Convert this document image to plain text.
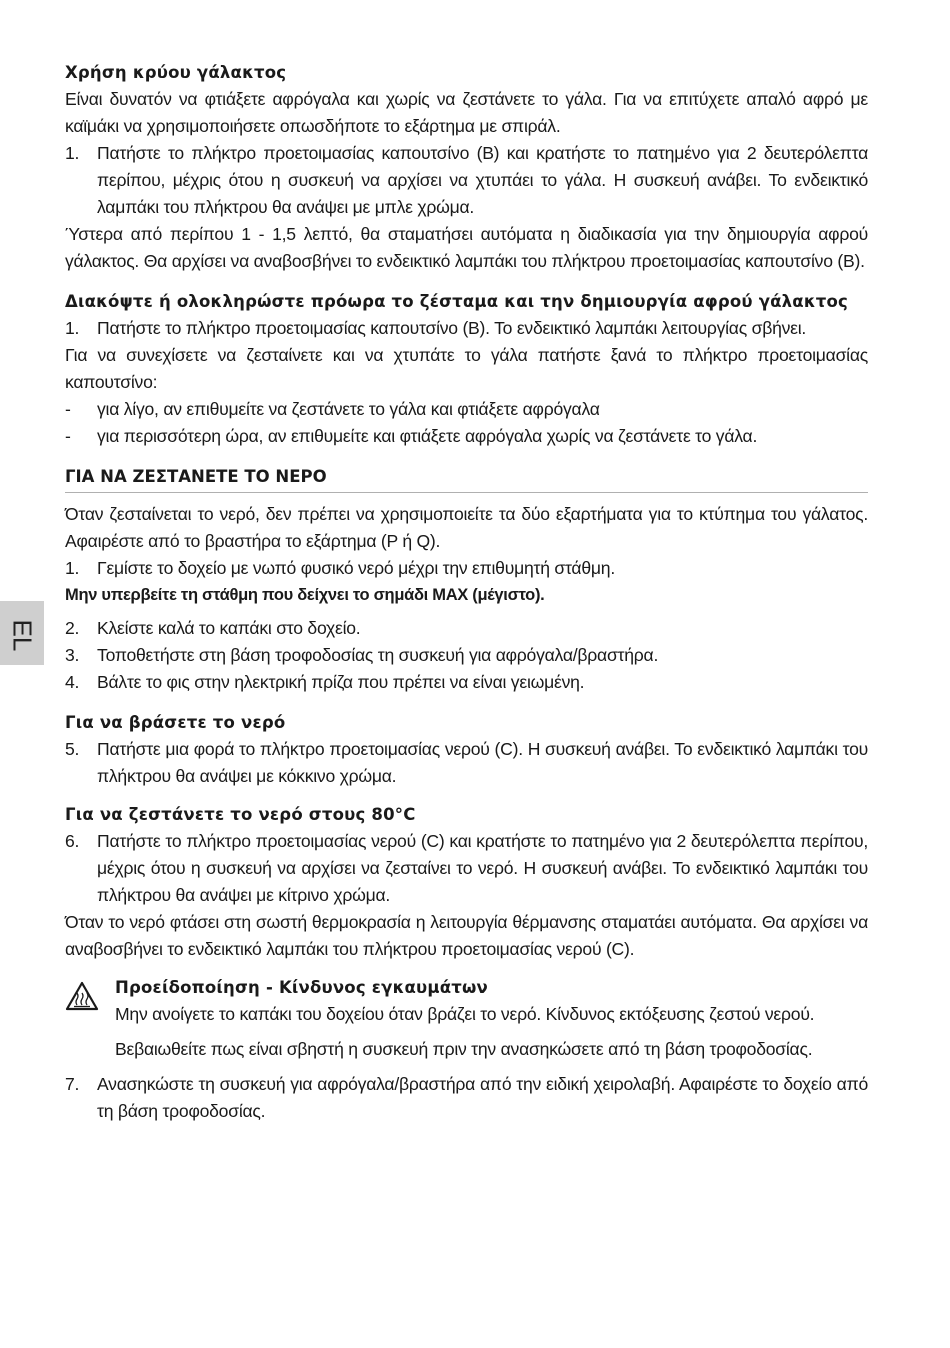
EL

Χρήση κρύου γάλακτος

Είναι δυνατόν να φτιάξετε αφρόγαλα και χωρίς να ζεστάνετε το γάλα. Για να επιτύχετε απαλό αφρό με καϊμάκι να χρησιμοποιήσετε οπωσδήποτε το εξάρτημα με σπιράλ.

1.	Πατήστε το πλήκτρο προετοιμασίας καπουτσίνο (B) και κρατήστε το πατημένο για 2 δευτερόλεπτα περίπου, μέχρις ότου η συσκευή να αρχίσει να χτυπάει το γάλα. Η συσκευή ανάβει. Το ενδεικτικό λαμπάκι του πλήκτρου θα ανάψει με μπλε χρώμα.

Ύστερα από περίπου 1 - 1,5 λεπτό, θα σταματήσει αυτόματα η διαδικασία για την δημιουργία αφρού γάλακτος. Θα αρχίσει να αναβοσβήνει το ενδεικτικό λαμπάκι του πλήκτρου προετοιμασίας καπουτσίνο (B).

Διακόψτε ή ολοκληρώστε πρόωρα το ζέσταμα και την δημιουργία αφρού γάλακτος

1.	Πατήστε το πλήκτρο προετοιμασίας καπουτσίνο (B). Το ενδεικτικό λαμπάκι λειτουργίας σβήνει.

Για να συνεχίσετε να ζεσταίνετε και να χτυπάτε το γάλα πατήστε ξανά το πλήκτρο προετοιμασίας καπουτσίνο:

-	για λίγο, αν επιθυμείτε να ζεστάνετε το γάλα και φτιάξετε αφρόγαλα
-	για περισσότερη ώρα, αν επιθυμείτε και φτιάξετε αφρόγαλα χωρίς να ζεστάνετε το γάλα.

ΓΙΑ ΝΑ ΖΕΣΤΑΝΕΤΕ ΤΟ ΝΕΡΟ

Όταν ζεσταίνεται το νερό, δεν πρέπει να χρησιμοποιείτε τα δύο εξαρτήματα για το κτύπημα του γάλατος. Αφαιρέστε από το βραστήρα το εξάρτημα (P ή Q).

1.	Γεμίστε το δοχείο με νωπό φυσικό νερό μέχρι την επιθυμητή στάθμη.

Μην υπερβείτε τη στάθμη που δείχνει το σημάδι MAX (μέγιστο).

2.	Κλείστε καλά το καπάκι στο δοχείο.
3.	Τοποθετήστε στη βάση τροφοδοσίας τη συσκευή για αφρόγαλα/βραστήρα.
4.	Βάλτε το φις στην ηλεκτρική πρίζα που πρέπει να είναι γειωμένη.

Για να βράσετε το νερό

5.	Πατήστε μια φορά το πλήκτρο προετοιμασίας νερού (C). Η συσκευή ανάβει. Το ενδεικτικό λαμπάκι του πλήκτρου θα ανάψει με κόκκινο χρώμα.

Για να ζεστάνετε το νερό στους 80°C

6.	Πατήστε το πλήκτρο προετοιμασίας νερού (C) και κρατήστε το πατημένο για 2 δευτερόλεπτα περίπου, μέχρις ότου η συσκευή να αρχίσει να ζεσταίνει το νερό. Η συσκευή ανάβει. Το ενδεικτικό λαμπάκι του πλήκτρου θα ανάψει με κίτρινο χρώμα.

Όταν το νερό φτάσει στη σωστή θερμοκρασία η λειτουργία θέρμανσης σταματάει αυτόματα. Θα αρχίσει να αναβοσβήνει το ενδεικτικό λαμπάκι του πλήκτρου προετοιμασίας νερού (C).

Προείδοποίηση - Κίνδυνος εγκαυμάτων

Μην ανοίγετε το καπάκι του δοχείου όταν βράζει το νερό. Κίνδυνος εκτόξευσης ζεστού νερού.

Βεβαιωθείτε πως είναι σβηστή η συσκευή πριν την ανασηκώσετε από τη βάση τροφοδοσίας.

7.	Ανασηκώστε τη συσκευή για αφρόγαλα/βραστήρα από την ειδική χειρολαβή. Αφαιρέστε το δοχείο από τη βάση τροφοδοσίας.
